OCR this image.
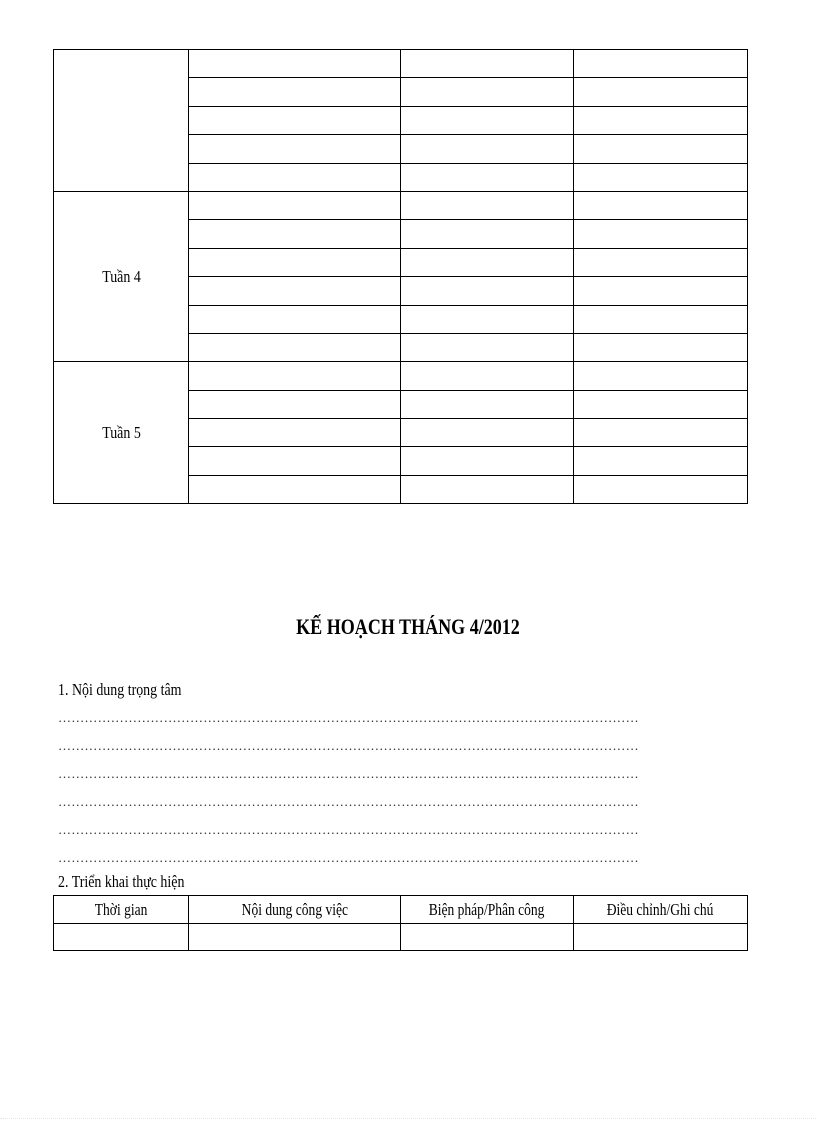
Tuần 4			

Tuần 5			

KẾ HOẠCH THÁNG 4/2012
1. Nội dung trọng tâm
……………………………………………………………………………………………………………………
……………………………………………………………………………………………………………………
……………………………………………………………………………………………………………………
……………………………………………………………………………………………………………………
……………………………………………………………………………………………………………………
……………………………………………………………………………………………………………………
2. Triển khai thực hiện
Thời gian	Nội dung công việc	Biện pháp/Phân công	Điều chỉnh/Ghi chú
